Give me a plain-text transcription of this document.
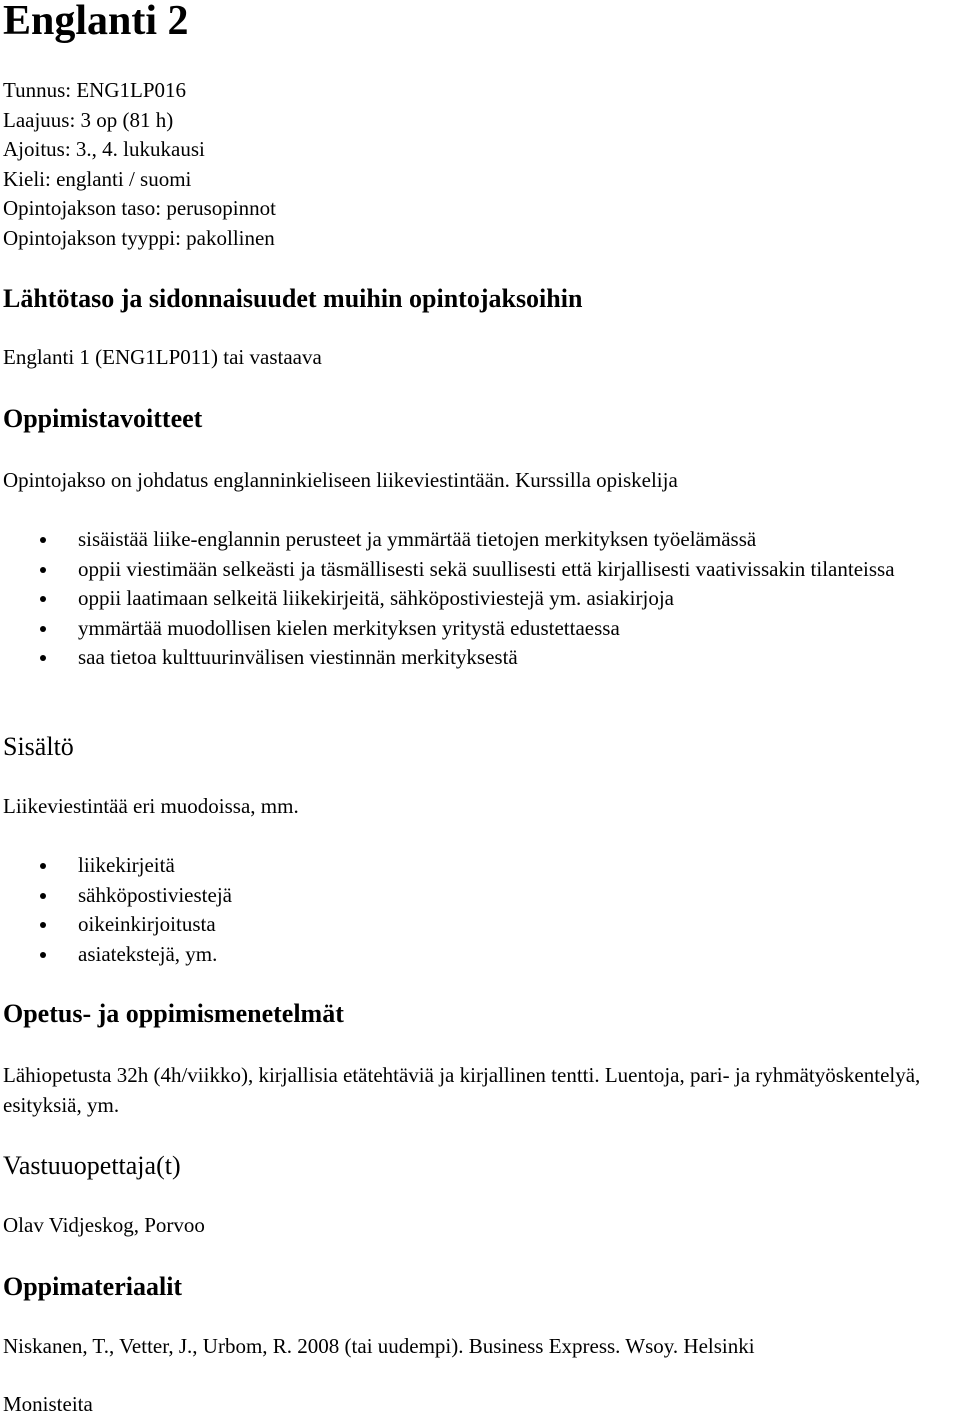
Englanti 2
Tunnus: ENG1LP016
Laajuus: 3 op (81 h)
Ajoitus: 3., 4. lukukausi
Kieli: englanti / suomi
Opintojakson taso: perusopinnot
Opintojakson tyyppi: pakollinen
Lähtötaso ja sidonnaisuudet muihin opintojaksoihin
Englanti 1 (ENG1LP011) tai vastaava
Oppimistavoitteet
Opintojakso on johdatus englanninkieliseen liikeviestintään. Kurssilla opiskelija
sisäistää liike-englannin perusteet ja ymmärtää tietojen merkityksen työelämässä
oppii viestimään selkeästi ja täsmällisesti sekä suullisesti että kirjallisesti vaativissakin tilanteissa
oppii laatimaan selkeitä liikekirjeitä, sähköpostiviestejä ym. asiakirjoja
ymmärtää muodollisen kielen merkityksen yritystä edustettaessa
saa tietoa kulttuurinvälisen viestinnän merkityksestä
Sisältö
Liikeviestintää eri muodoissa, mm.
liikekirjeitä
sähköpostiviestejä
oikeinkirjoitusta
asiatekstejä, ym.
Opetus- ja oppimismenetelmät
Lähiopetusta 32h (4h/viikko), kirjallisia etätehtäviä ja kirjallinen tentti. Luentoja, pari- ja ryhmätyöskentelyä, esityksiä, ym.
Vastuuopettaja(t)
Olav Vidjeskog, Porvoo
Oppimateriaalit
Niskanen, T., Vetter, J., Urbom, R. 2008 (tai uudempi). Business Express. Wsoy. Helsinki
Monisteita
